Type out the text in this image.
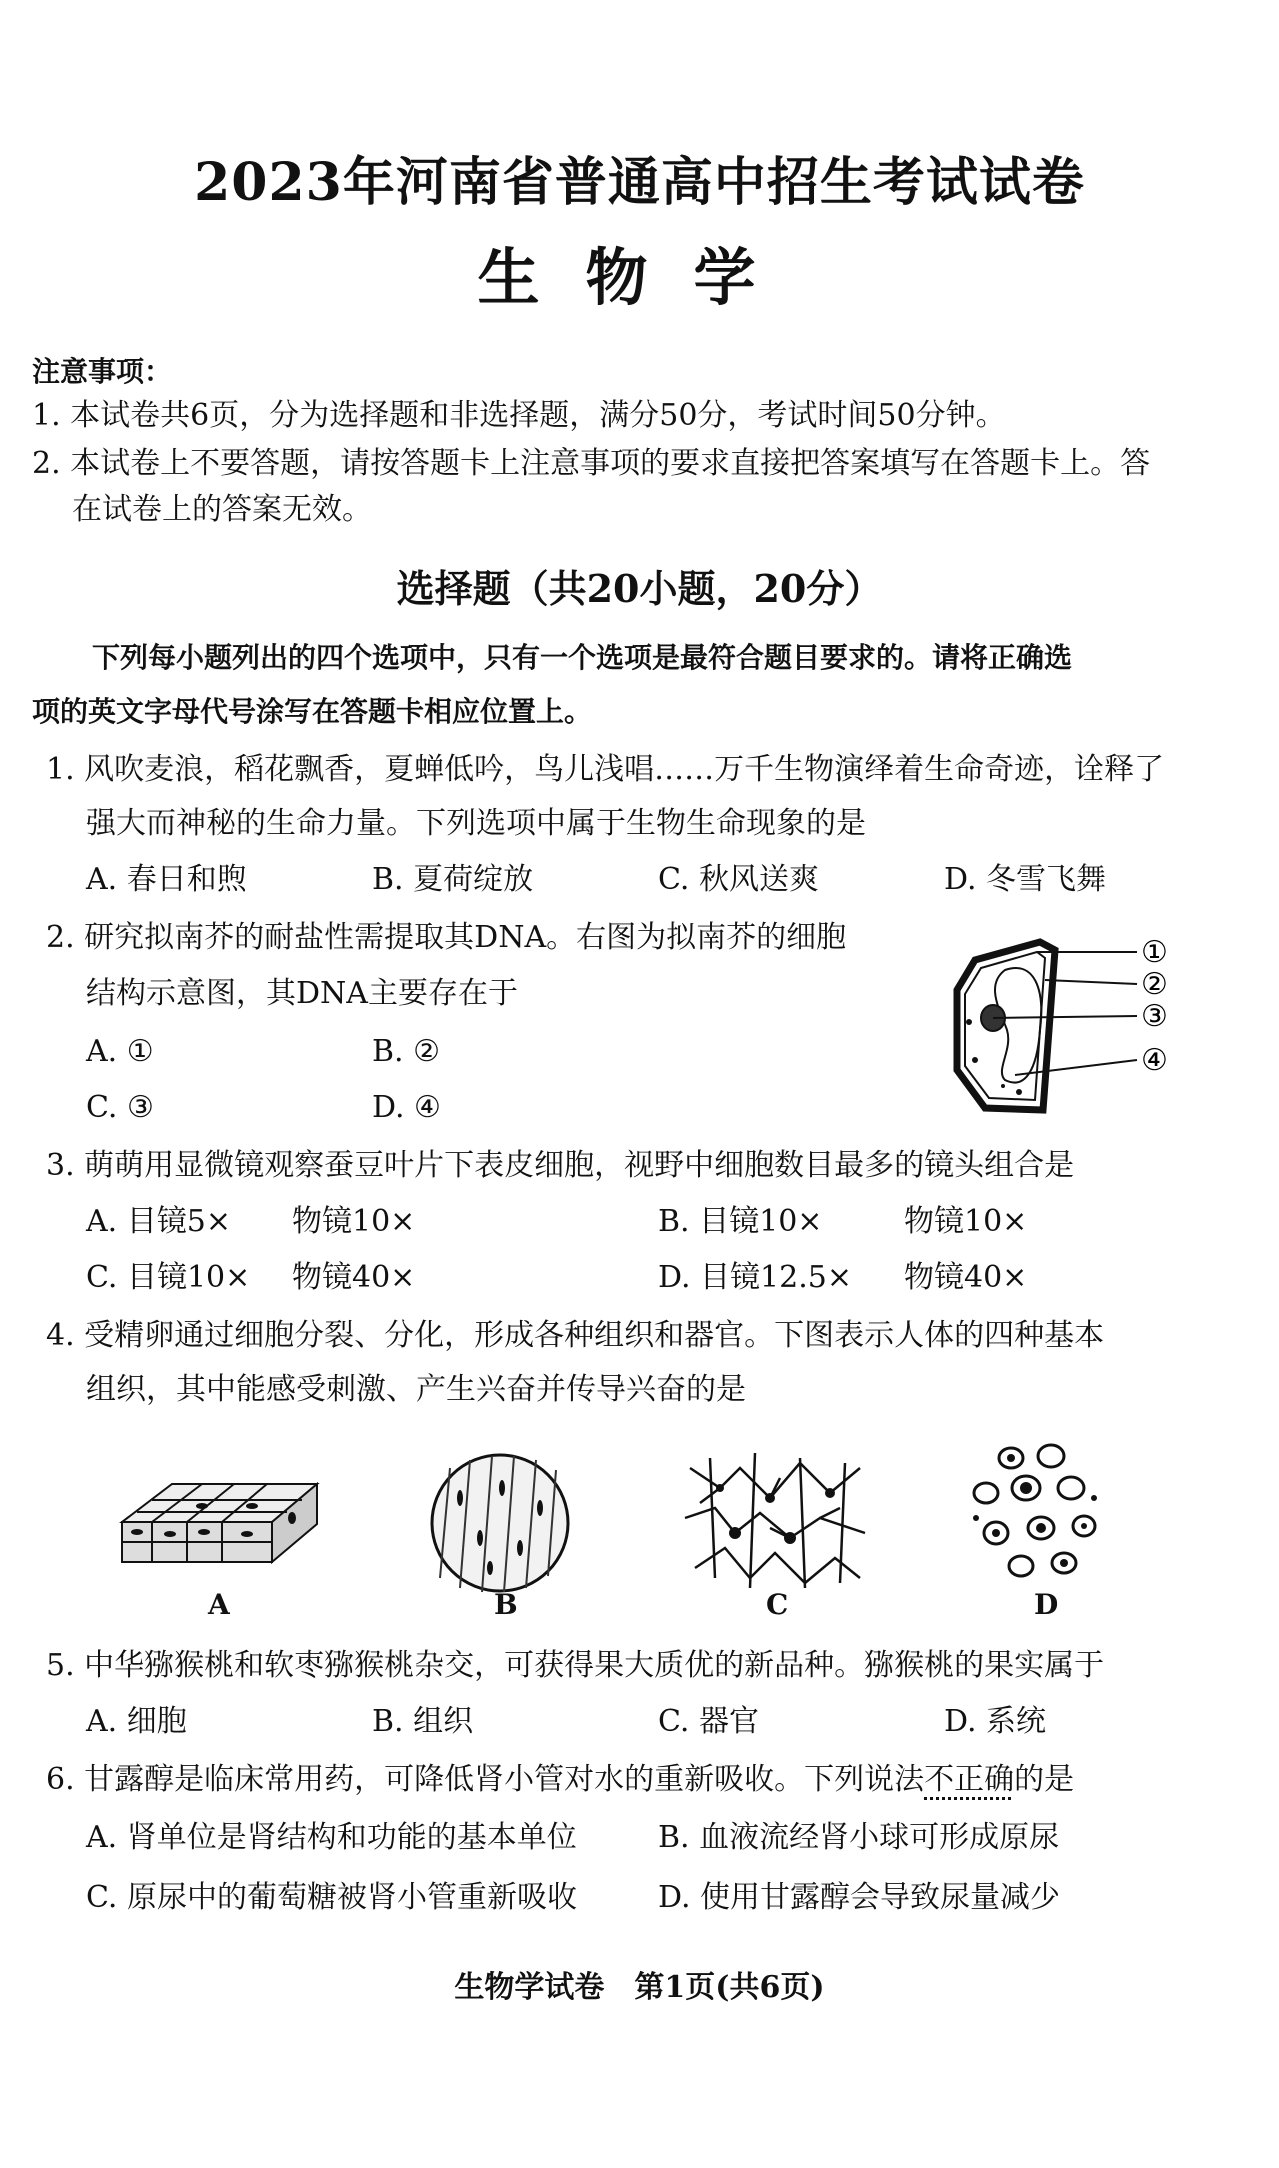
2023年河南省普通高中招生考试试卷
生物学
注意事项：
1. 本试卷共6页，分为选择题和非选择题，满分50分，考试时间50分钟。
2. 本试卷上不要答题，请按答题卡上注意事项的要求直接把答案填写在答题卡上。答
在试卷上的答案无效。
选择题（共20小题，20分）
下列每小题列出的四个选项中，只有一个选项是最符合题目要求的。请将正确选
项的英文字母代号涂写在答题卡相应位置上。
1. 风吹麦浪，稻花飘香，夏蝉低吟，鸟儿浅唱……万千生物演绎着生命奇迹，诠释了
强大而神秘的生命力量。下列选项中属于生物生命现象的是
A. 春日和煦	B. 夏荷绽放	C. 秋风送爽	D. 冬雪飞舞
2. 研究拟南芥的耐盐性需提取其DNA。右图为拟南芥的细胞
结构示意图，其DNA主要存在于
A. ①	B. ②
C. ③	D. ④
①
②
③
④
3. 萌萌用显微镜观察蚕豆叶片下表皮细胞，视野中细胞数目最多的镜头组合是
A. 目镜5× 物镜10×	B. 目镜10×	物镜10×
C. 目镜10× 物镜40×	D. 目镜12.5× 物镜40×
4. 受精卵通过细胞分裂、分化，形成各种组织和器官。下图表示人体的四种基本
组织，其中能感受刺激、产生兴奋并传导兴奋的是
A	B	C	D
5. 中华猕猴桃和软枣猕猴桃杂交，可获得果大质优的新品种。猕猴桃的果实属于
A. 细胞	B. 组织	C. 器官	D. 系统
6. 甘露醇是临床常用药，可降低肾小管对水的重新吸收。下列说法不正确的是
A. 肾单位是肾结构和功能的基本单位	B. 血液流经肾小球可形成原尿
C. 原尿中的葡萄糖被肾小管重新吸收	D. 使用甘露醇会导致尿量减少
生物学试卷　第1页(共6页)
